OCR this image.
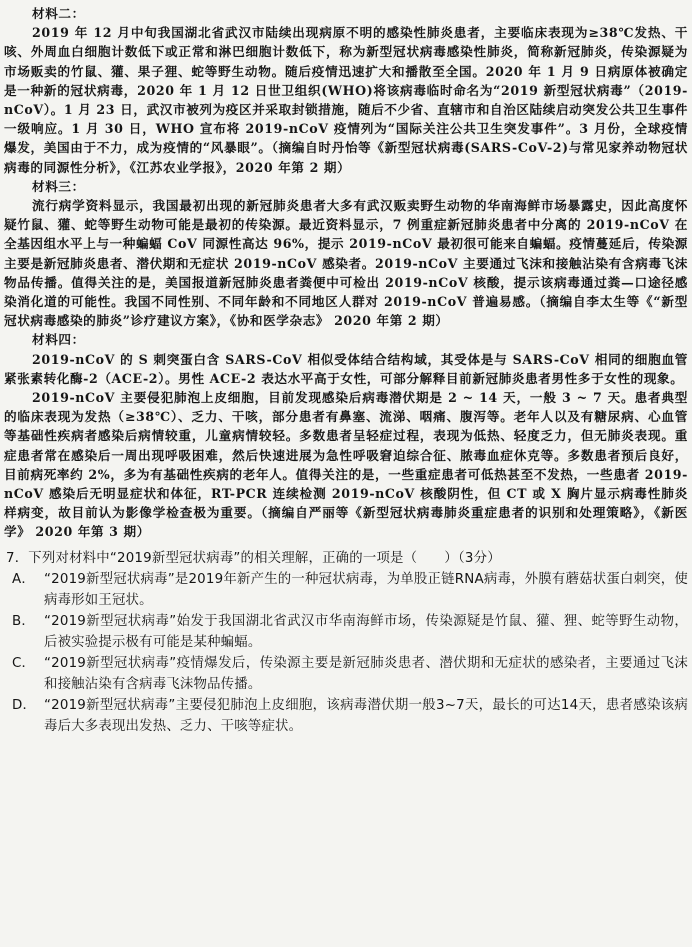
材料二：

2019 年 12 月中旬我国湖北省武汉市陆续出现病原不明的感染性肺炎患者，主要临床表现为≥38℃发热、干咳、外周血白细胞计数低下或正常和淋巴细胞计数低下，称为新型冠状病毒感染性肺炎，简称新冠肺炎，传染源疑为市场贩卖的竹鼠、獾、果子狸、蛇等野生动物。随后疫情迅速扩大和播散至全国。2020 年 1 月 9 日病原体被确定是一种新的冠状病毒，2020 年 1 月 12 日世卫组织(WHO)将该病毒临时命名为“2019 新型冠状病毒”（2019-nCoV）。1 月 23 日，武汉市被列为疫区并采取封锁措施，随后不少省、直辖市和自治区陆续启动突发公共卫生事件一级响应。1 月 30 日，WHO 宣布将 2019-nCoV 疫情列为“国际关注公共卫生突发事件”。3 月份，全球疫情爆发，美国由于不力，成为疫情的“风暴眼”。（摘编自时丹怡等《新型冠状病毒(SARS-CoV-2)与常见家养动物冠状病毒的同源性分析》，《江苏农业学报》，2020 年第 2 期）

材料三：

流行病学资料显示，我国最初出现的新冠肺炎患者大多有武汉贩卖野生动物的华南海鲜市场暴露史，因此高度怀疑竹鼠、獾、蛇等野生动物可能是最初的传染源。最近资料显示，7 例重症新冠肺炎患者中分离的 2019-nCoV 在全基因组水平上与一种蝙蝠 CoV 同源性高达 96%，提示 2019-nCoV 最初很可能来自蝙蝠。疫情蔓延后，传染源主要是新冠肺炎患者、潜伏期和无症状 2019-nCoV 感染者。2019-nCoV 主要通过飞沫和接触沾染有含病毒飞沫物品传播。值得关注的是，美国报道新冠肺炎患者粪便中可检出 2019-nCoV 核酸，提示该病毒通过粪—口途径感染消化道的可能性。我国不同性别、不同年龄和不同地区人群对 2019-nCoV 普遍易感。（摘编自李太生等《“新型冠状病毒感染的肺炎”诊疗建议方案》，《协和医学杂志》 2020 年第 2 期）

材料四：

2019-nCoV 的 S 刺突蛋白含 SARS-CoV 相似受体结合结构域，其受体是与 SARS-CoV 相同的细胞血管紧张素转化酶-2（ACE-2）。男性 ACE-2 表达水平高于女性，可部分解释目前新冠肺炎患者男性多于女性的现象。

2019-nCoV 主要侵犯肺泡上皮细胞，目前发现感染后病毒潜伏期是 2 ~ 14 天，一般 3 ~ 7 天。患者典型的临床表现为发热（≥38℃）、乏力、干咳，部分患者有鼻塞、流涕、咽痛、腹泻等。老年人以及有糖尿病、心血管等基础性疾病者感染后病情较重，儿童病情较轻。多数患者呈轻症过程，表现为低热、轻度乏力，但无肺炎表现。重症患者常在感染后一周出现呼吸困难，然后快速进展为急性呼吸窘迫综合征、脓毒血症休克等。多数患者预后良好，目前病死率约 2%，多为有基础性疾病的老年人。值得关注的是，一些重症患者可低热甚至不发热，一些患者 2019-nCoV 感染后无明显症状和体征，RT-PCR 连续检测 2019-nCoV 核酸阴性，但 CT 或 X 胸片显示病毒性肺炎样病变，故目前认为影像学检查极为重要。（摘编自严丽等《新型冠状病毒肺炎重症患者的识别和处理策略》，《新医学》 2020 年第 3 期）

7．下列对材料中“2019新型冠状病毒”的相关理解，正确的一项是（　　）（3分）

A． “2019新型冠状病毒”是2019年新产生的一种冠状病毒，为单股正链RNA病毒，外膜有蘑菇状蛋白刺突，使病毒形如王冠状。
B． “2019新型冠状病毒”始发于我国湖北省武汉市华南海鲜市场，传染源疑是竹鼠、獾、狸、蛇等野生动物，后被实验提示极有可能是某种蝙蝠。
C． “2019新型冠状病毒”疫情爆发后，传染源主要是新冠肺炎患者、潜伏期和无症状的感染者，主要通过飞沫和接触沾染有含病毒飞沫物品传播。
D． “2019新型冠状病毒”主要侵犯肺泡上皮细胞，该病毒潜伏期一般3~7天，最长的可达14天，患者感染该病毒后大多表现出发热、乏力、干咳等症状。
